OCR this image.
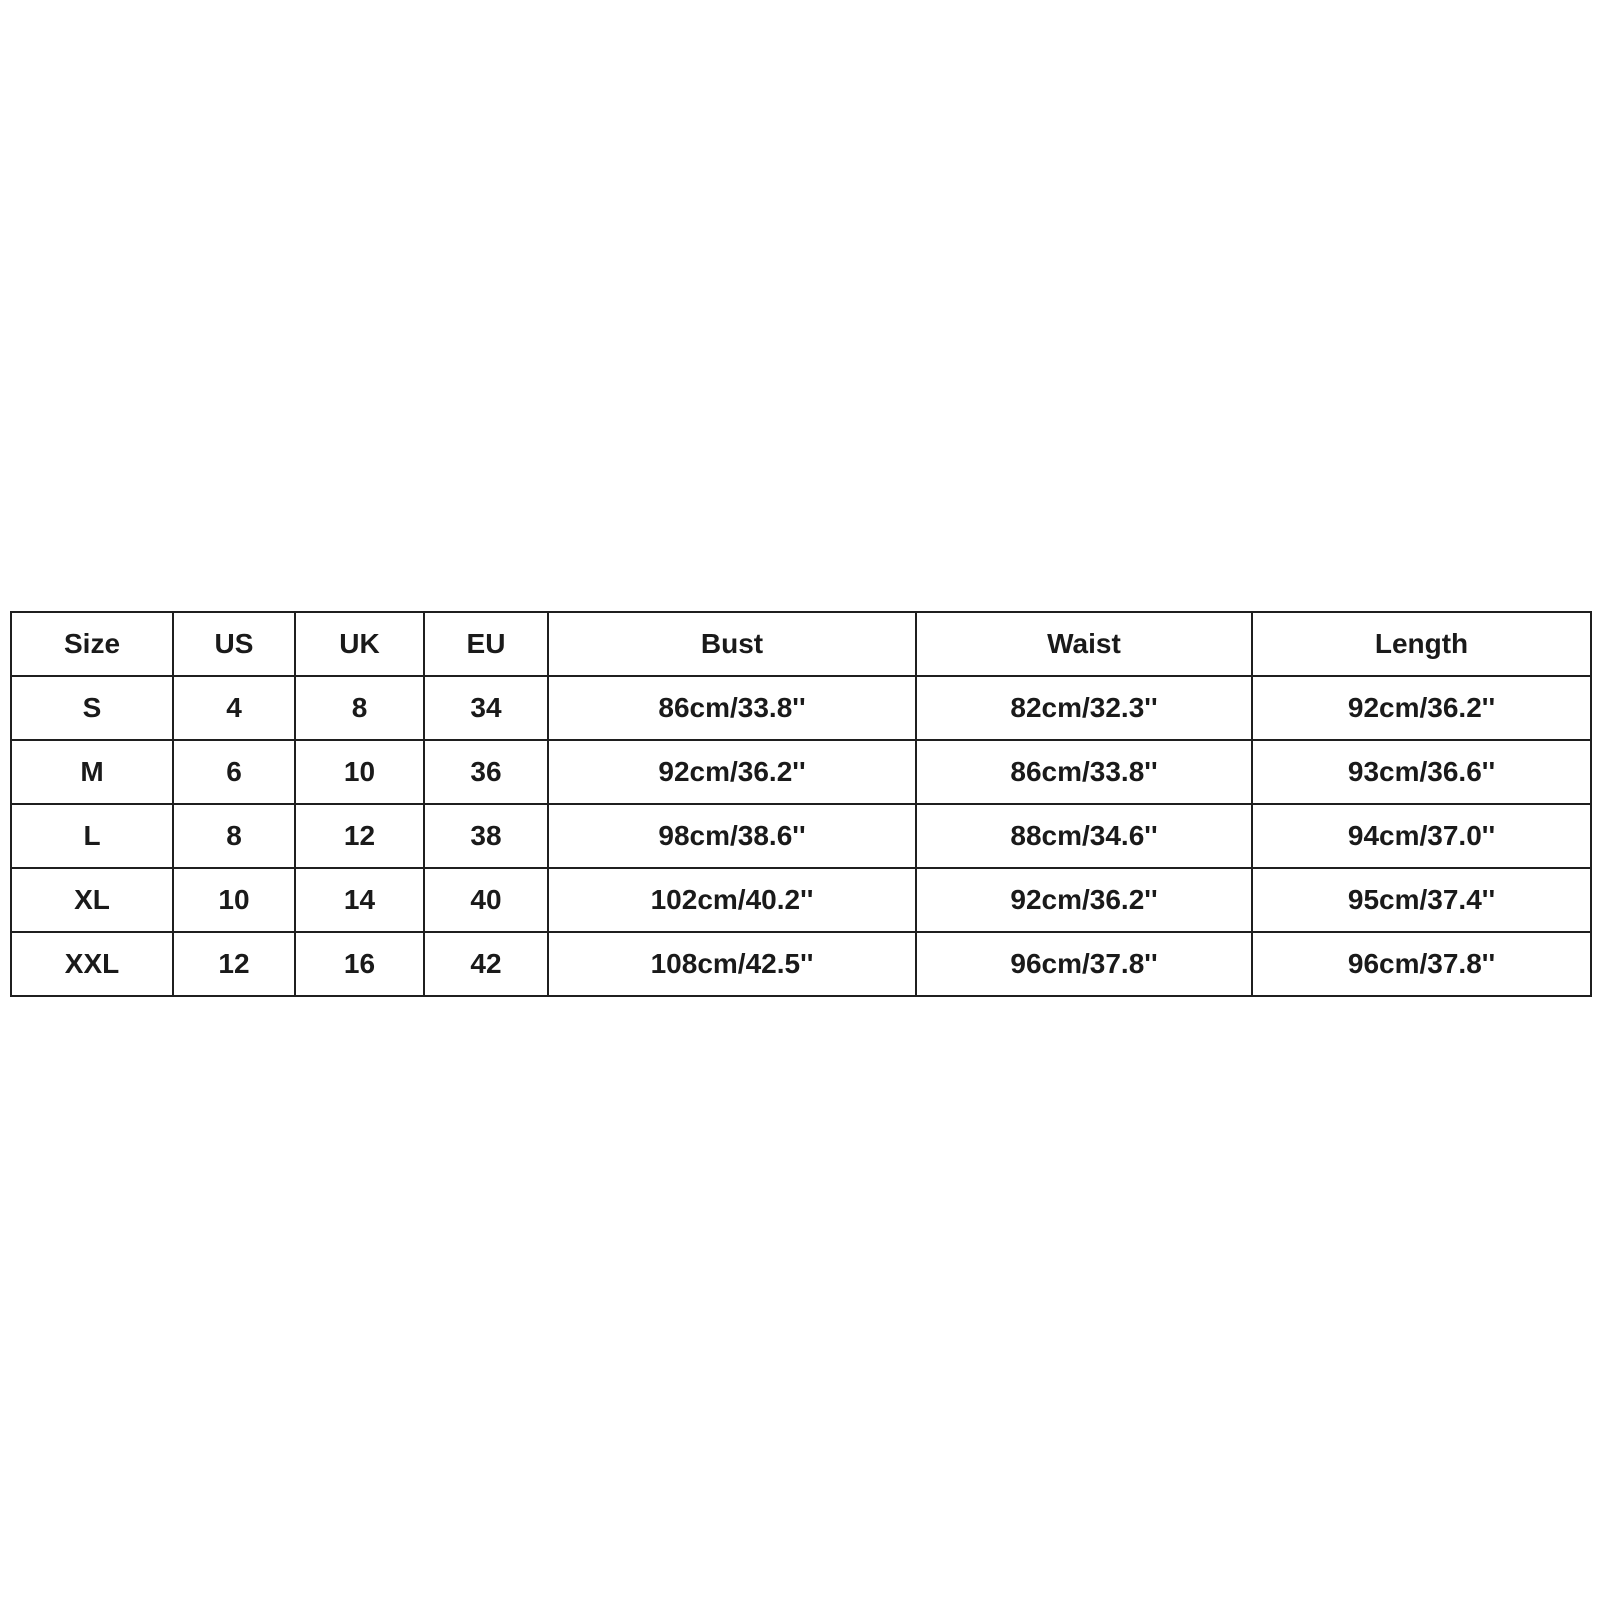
Size	US	UK	EU	Bust	Waist	Length
S	4	8	34	86cm/33.8''	82cm/32.3''	92cm/36.2''
M	6	10	36	92cm/36.2''	86cm/33.8''	93cm/36.6''
L	8	12	38	98cm/38.6''	88cm/34.6''	94cm/37.0''
XL	10	14	40	102cm/40.2''	92cm/36.2''	95cm/37.4''
XXL	12	16	42	108cm/42.5''	96cm/37.8''	96cm/37.8''
